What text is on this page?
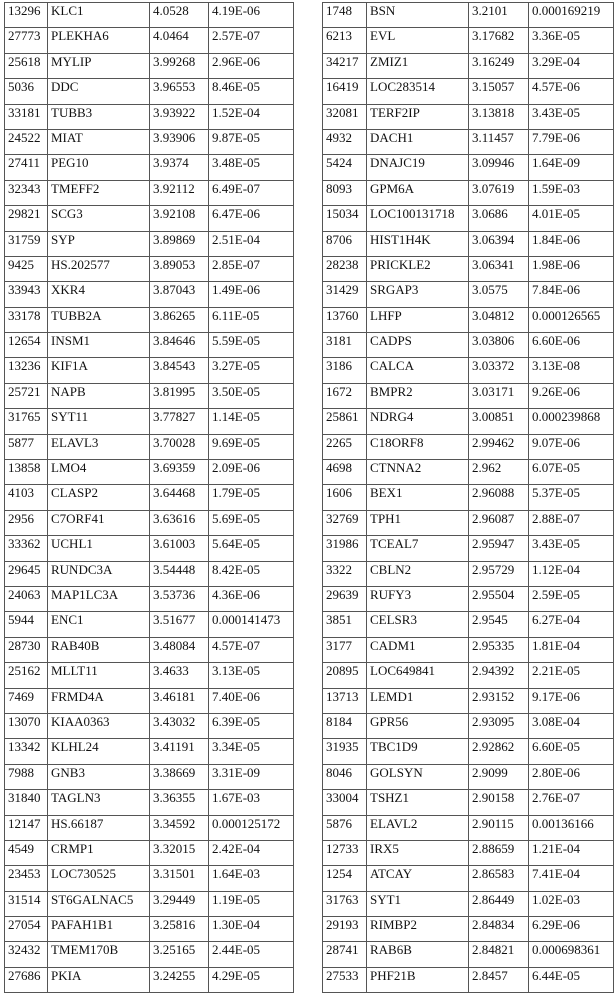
13296	KLC1	4.0528	4.19E-06
27773	PLEKHA6	4.0464	2.57E-07
25618	MYLIP	3.99268	2.96E-06
5036	DDC	3.96553	8.46E-05
33181	TUBB3	3.93922	1.52E-04
24522	MIAT	3.93906	9.87E-05
27411	PEG10	3.9374	3.48E-05
32343	TMEFF2	3.92112	6.49E-07
29821	SCG3	3.92108	6.47E-06
31759	SYP	3.89869	2.51E-04
9425	HS.202577	3.89053	2.85E-07
33943	XKR4	3.87043	1.49E-06
33178	TUBB2A	3.86265	6.11E-05
12654	INSM1	3.84646	5.59E-05
13236	KIF1A	3.84543	3.27E-05
25721	NAPB	3.81995	3.50E-05
31765	SYT11	3.77827	1.14E-05
5877	ELAVL3	3.70028	9.69E-05
13858	LMO4	3.69359	2.09E-06
4103	CLASP2	3.64468	1.79E-05
2956	C7ORF41	3.63616	5.69E-05
33362	UCHL1	3.61003	5.64E-05
29645	RUNDC3A	3.54448	8.42E-05
24063	MAP1LC3A	3.53736	4.36E-06
5944	ENC1	3.51677	0.000141473
28730	RAB40B	3.48084	4.57E-07
25162	MLLT11	3.4633	3.13E-05
7469	FRMD4A	3.46181	7.40E-06
13070	KIAA0363	3.43032	6.39E-05
13342	KLHL24	3.41191	3.34E-05
7988	GNB3	3.38669	3.31E-09
31840	TAGLN3	3.36355	1.67E-03
12147	HS.66187	3.34592	0.000125172
4549	CRMP1	3.32015	2.42E-04
23453	LOC730525	3.31501	1.64E-03
31514	ST6GALNAC5	3.29449	1.19E-05
27054	PAFAH1B1	3.25816	1.30E-04
32432	TMEM170B	3.25165	2.44E-05
27686	PKIA	3.24255	4.29E-05
1748	BSN	3.2101	0.000169219
6213	EVL	3.17682	3.36E-05
34217	ZMIZ1	3.16249	3.29E-04
16419	LOC283514	3.15057	4.57E-06
32081	TERF2IP	3.13818	3.43E-05
4932	DACH1	3.11457	7.79E-06
5424	DNAJC19	3.09946	1.64E-09
8093	GPM6A	3.07619	1.59E-03
15034	LOC100131718	3.0686	4.01E-05
8706	HIST1H4K	3.06394	1.84E-06
28238	PRICKLE2	3.06341	1.98E-06
31429	SRGAP3	3.0575	7.84E-06
13760	LHFP	3.04812	0.000126565
3181	CADPS	3.03806	6.60E-06
3186	CALCA	3.03372	3.13E-08
1672	BMPR2	3.03171	9.26E-06
25861	NDRG4	3.00851	0.000239868
2265	C18ORF8	2.99462	9.07E-06
4698	CTNNA2	2.962	6.07E-05
1606	BEX1	2.96088	5.37E-05
32769	TPH1	2.96087	2.88E-07
31986	TCEAL7	2.95947	3.43E-05
3322	CBLN2	2.95729	1.12E-04
29639	RUFY3	2.95504	2.59E-05
3851	CELSR3	2.9545	6.27E-04
3177	CADM1	2.95335	1.81E-04
20895	LOC649841	2.94392	2.21E-05
13713	LEMD1	2.93152	9.17E-06
8184	GPR56	2.93095	3.08E-04
31935	TBC1D9	2.92862	6.60E-05
8046	GOLSYN	2.9099	2.80E-06
33004	TSHZ1	2.90158	2.76E-07
5876	ELAVL2	2.90115	0.00136166
12733	IRX5	2.88659	1.21E-04
1254	ATCAY	2.86583	7.41E-04
31763	SYT1	2.86449	1.02E-03
29193	RIMBP2	2.84834	6.29E-06
28741	RAB6B	2.84821	0.000698361
27533	PHF21B	2.8457	6.44E-05
